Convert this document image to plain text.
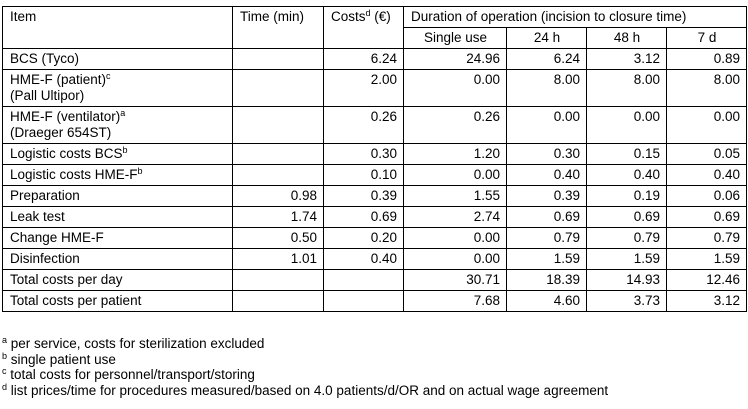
Item	Time (min)	Costs$^d$ (€)	Duration of operation (incision to closure time)			
			Single use	24 h	48 h	7 d
BCS (Tyco)		6.24	24.96	6.24	3.12	0.89
HME-F (patient)$^c$
(Pall Ultipor)		2.00	0.00	8.00	8.00	8.00
HME-F (ventilator)$^a$
(Draeger 654ST)		0.26	0.26	0.00	0.00	0.00
Logistic costs BCS$^b$		0.30	1.20	0.30	0.15	0.05
Logistic costs HME-$F^b$		0.10	0.00	0.40	0.40	0.40
Preparation	0.98	0.39	1.55	0.39	0.19	0.06
Leak test	1.74	0.69	2.74	0.69	0.69	0.69
Change HME-F	0.50	0.20	0.00	0.79	0.79	0.79
Disinfection	1.01	0.40	0.00	1.59	1.59	1.59
Total costs per day			30.71	18.39	14.93	12.46
Total costs per patient			7.68	4.60	3.73	3.12
$^a$ per service, costs for sterilization excluded
$^b$ single patient use
$^c$ total costs for personnel/transport/storing
$^d$ list prices/time for procedures measured/based on 4.0 patients/d/OR and on actual wage agreement
